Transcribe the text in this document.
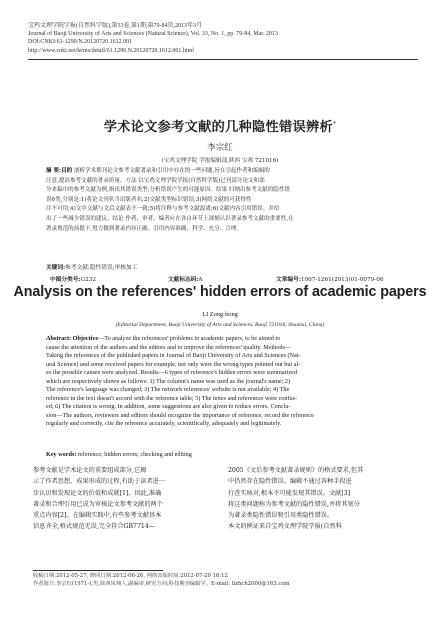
宝鸡文理学院学报(自然科学版),第33卷,第1期,第79-84页,2013年3月
Journal of Baoji University of Arts and Sciences (Natural Science), Vol. 33, No. 1, pp. 79-84, Mar. 2013
DOI:CNKI:61-1290/N.20120720.1612.001
http://www.cnki.net/kcms/detail/61.1290.N.20120720.1612.001.html
学术论文参考文献的几种隐性错误辨析*
李宗红
(宝鸡文理学院 学报编辑部,陕西 宝鸡 721016)
摘 要:目的 剖析学术期刊论文参考文献著录和引用中存在的一些问题,旨在引起作者和编辑的
注意,提高参考文献的著录质量。方法 以宝鸡文理学院学报(自然科学版)已刊部分论文和部
分来稿中的参考文献为例,指出其错误类型;分析错误产生的可能原因。结果 归纳出参考文献的隐性错
误6类,分别是:1)将论文刊名当出版者名;2)文献类型标识错误;3)网络文献的可获得性
注不可用;4)文中文献与文后文献表不一致;5)将注释与参考文献混淆;6)文献内容引用错误。并给
出了一些减少错误的建议。结论 作者、审者、编者应在各自环节上深刻认识著录参考文献的重要性,在
著录规范的前提下,努力做到著录内容正确、引用内容准确、科学、充分、合理。
关键词:参考文献;隐性错误;审核加工
中图分类号:G232	文献标志码:A	文章编号:1007-1261(2013)01-0079-06
Analysis on the references' hidden errors of academic papers
LI Zong-hong
(Editorial Department, Baoji University of Arts and Sciences, Baoji 721016, Shaanxi, China)
Abstract: Objective—To analyze the references' problems in academic papers, to be aimed to
cause the attention of the authors and the editors and to improve the references' quality. Methods—
Taking the references of the published papers in Journal of Baoji University of Arts and Sciences (Nat-
ural Science) and some received papers for example, not only were the wrong types pointed out but al-
so the possible causes were analyzed. Results—6 types of reference's hidden errors were summarized
which are respectively shown as follows: 1) The column's name was used as the journal's name; 2)
The reference's language was changed; 3) The network references' website is not available; 4) The
reference in the text doesn't accord with the reference table; 5) The notes and references were confus-
ed; 6) The citation is wrong. In addition, some suggestions are also given to reduce errors. Conclu-
sion—The authors, reviewers and editors should recognize the importance of reference, record the reference
regularly and correctly, cite the reference accurately, scientifically, adequately and legitimately.
Key words: reference; hidden errors; checking and editing
参考文献是学术论文的重要组成部分,它揭
示了作者思想、成果形成的过程,有助于读者进一
步认识和发现论文的价值和成就[1]。因此,准确
著录和合理引用已成为审核论文参考文献的两个
重点内容[2]。在编辑实践中,有些参考文献基本
信息齐全,格式规范无误,完全符合GB7714—
2005《文后参考文献著录规则》的格式要求,但其
中仍然存在隐性错误。编辑不通过各种手段进
行查实核对,根本不可能发现其错误。文献[3]
将这类问题称为参考文献的隐性错误,并将其划分
为著录类隐性错误和引用类隐性错误。
本文的例证来自宝鸡文理学院学报(自然科
收稿日期:2012-05-27, 修回日期:2012-06-26, 网络出版时间:2012-07-20 16:12
作者简介:李宗红(1971-),男,陕西凤翔人,副编审,研究方向:科技期刊编辑学。E-mail: lizhch2000@163.com
